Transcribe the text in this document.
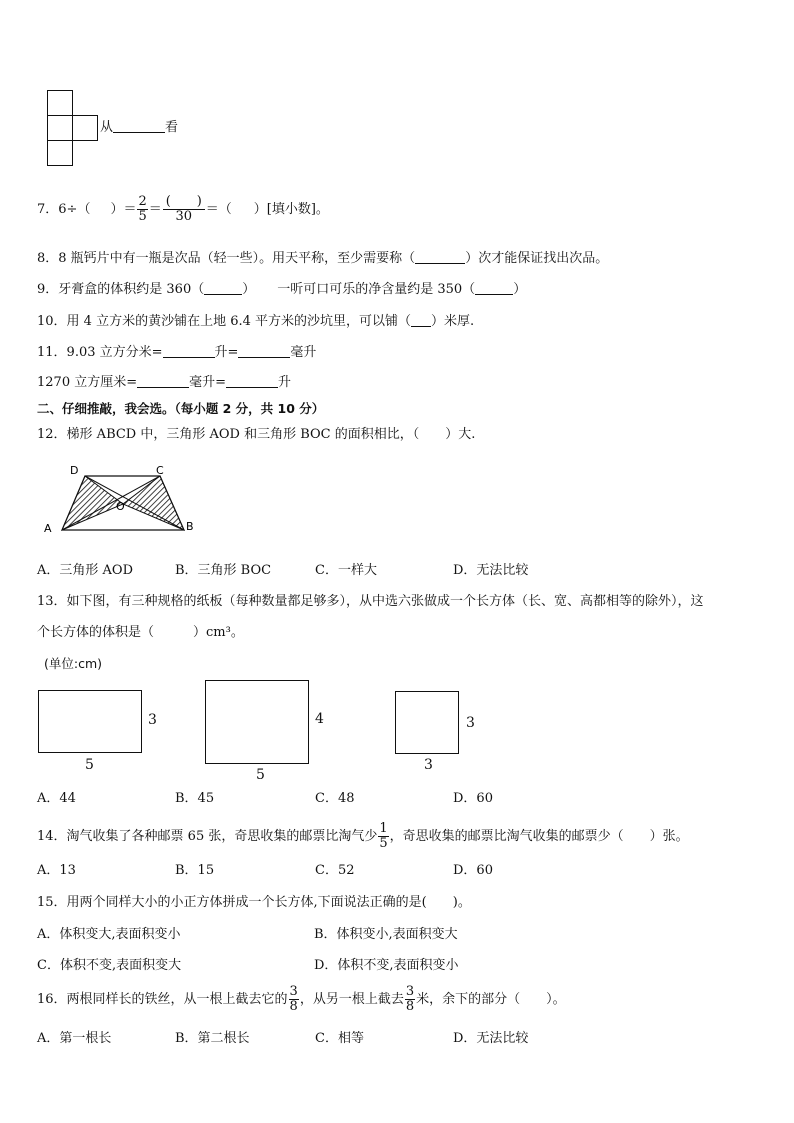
从	看
7．6÷（ ）＝ $\frac{2}{5} = \frac{( )}{30}$ ＝（ ）[填小数]。
8．8 瓶钙片中有一瓶是次品（轻一些）。用天平称，至少需要称（	）次才能保证找出次品。
9．牙膏盒的体积约是 360（	） 一听可口可乐的净含量约是 350（	）
10．用 4 立方米的黄沙铺在上地 6.4 平方米的沙坑里，可以铺（ ）米厚.
11．9.03 立方分米=	升=	毫升
1270 立方厘米=	毫升=	升
二、仔细推敲，我会选。（每小题 2 分，共 10 分）
12．梯形 ABCD 中，三角形 AOD 和三角形 BOC 的面积相比，（　　）大.
D	C
O
A	B
A．三角形 AOD	B．三角形 BOC	C．一样大	D．无法比较
13．如下图，有三种规格的纸板（每种数量都足够多），从中选六张做成一个长方体（长、宽、高都相等的除外），这
个长方体的体积是（　　　）cm³。
(单位:cm)
3
5
4
5
3
3
A．44	B．45	C．48	D．60
14．淘气收集了各种邮票 65 张，奇思收集的邮票比淘气少 $\frac{1}{5}$ ，奇思收集的邮票比淘气收集的邮票少（　　）张。
A．13	B．15	C．52	D．60
15．用两个同样大小的小正方体拼成一个长方体,下面说法正确的是(　　)。
A．体积变大,表面积变小	B．体积变小,表面积变大
C．体积不变,表面积变大	D．体积不变,表面积变小
16．两根同样长的铁丝，从一根上截去它的 $\frac{3}{8}$ ，从另一根上截去 $\frac{3}{8}$ 米，余下的部分（　　）。
A．第一根长	B．第二根长	C．相等	D．无法比较
